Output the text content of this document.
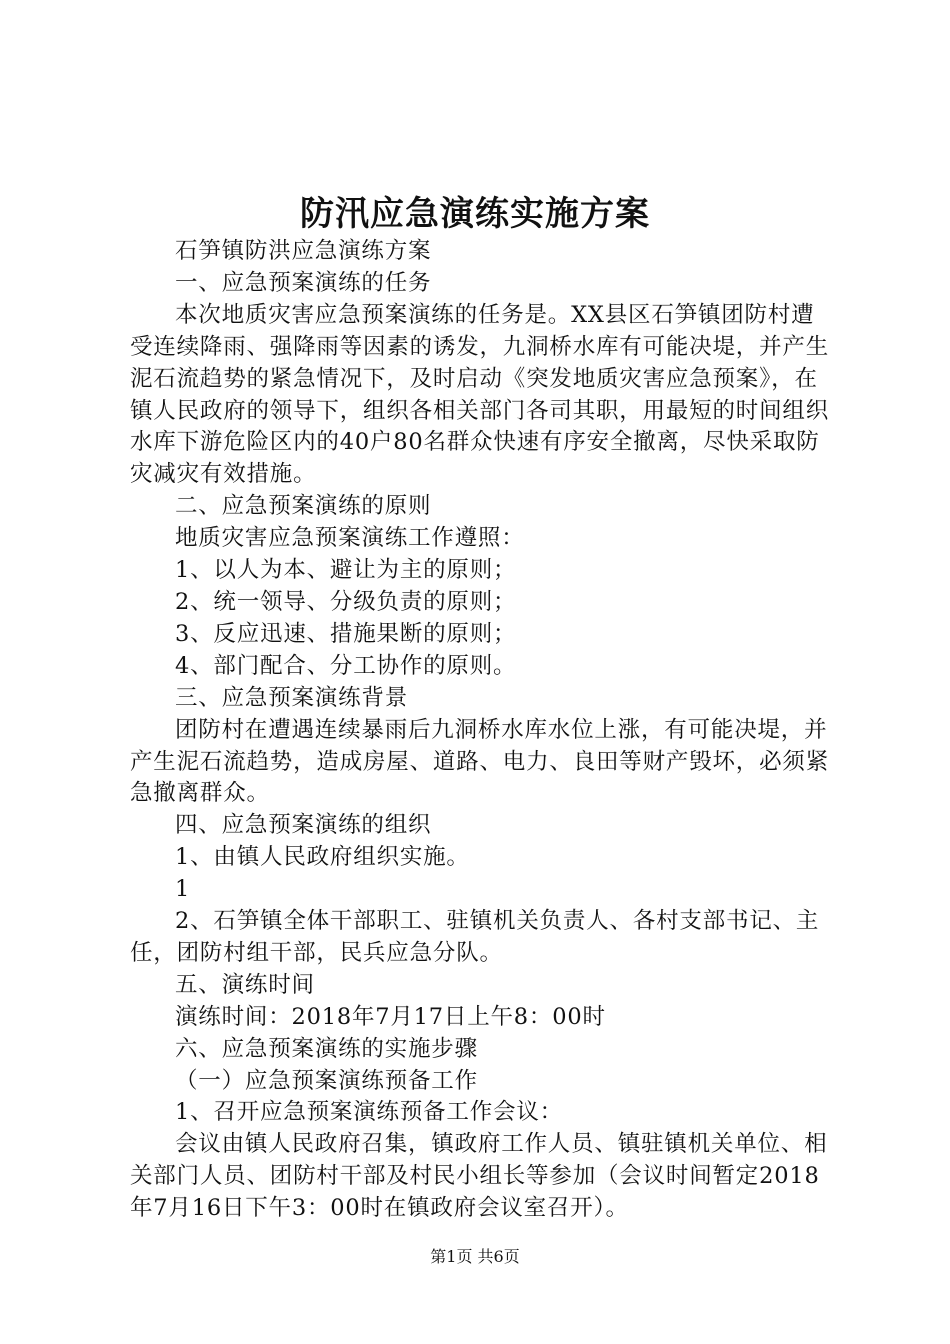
防汛应急演练实施方案

石笋镇防洪应急演练方案

一、应急预案演练的任务

本次地质灾害应急预案演练的任务是。XX县区石笋镇团防村遭受连续降雨、强降雨等因素的诱发，九洞桥水库有可能决堤，并产生泥石流趋势的紧急情况下，及时启动《突发地质灾害应急预案》，在镇人民政府的领导下，组织各相关部门各司其职，用最短的时间组织水库下游危险区内的40户80名群众快速有序安全撤离，尽快采取防灾减灾有效措施。

二、应急预案演练的原则

地质灾害应急预案演练工作遵照：

1、以人为本、避让为主的原则；

2、统一领导、分级负责的原则；

3、反应迅速、措施果断的原则；

4、部门配合、分工协作的原则。

三、应急预案演练背景

团防村在遭遇连续暴雨后九洞桥水库水位上涨，有可能决堤，并产生泥石流趋势，造成房屋、道路、电力、良田等财产毁坏，必须紧急撤离群众。

四、应急预案演练的组织

1、由镇人民政府组织实施。

1

2、石笋镇全体干部职工、驻镇机关负责人、各村支部书记、主任，团防村组干部，民兵应急分队。

五、演练时间

演练时间：2018年7月17日上午8：00时

六、应急预案演练的实施步骤

（一）应急预案演练预备工作

1、召开应急预案演练预备工作会议：

会议由镇人民政府召集，镇政府工作人员、镇驻镇机关单位、相关部门人员、团防村干部及村民小组长等参加（会议时间暂定2018年7月16日下午3：00时在镇政府会议室召开）。

第1页 共6页
